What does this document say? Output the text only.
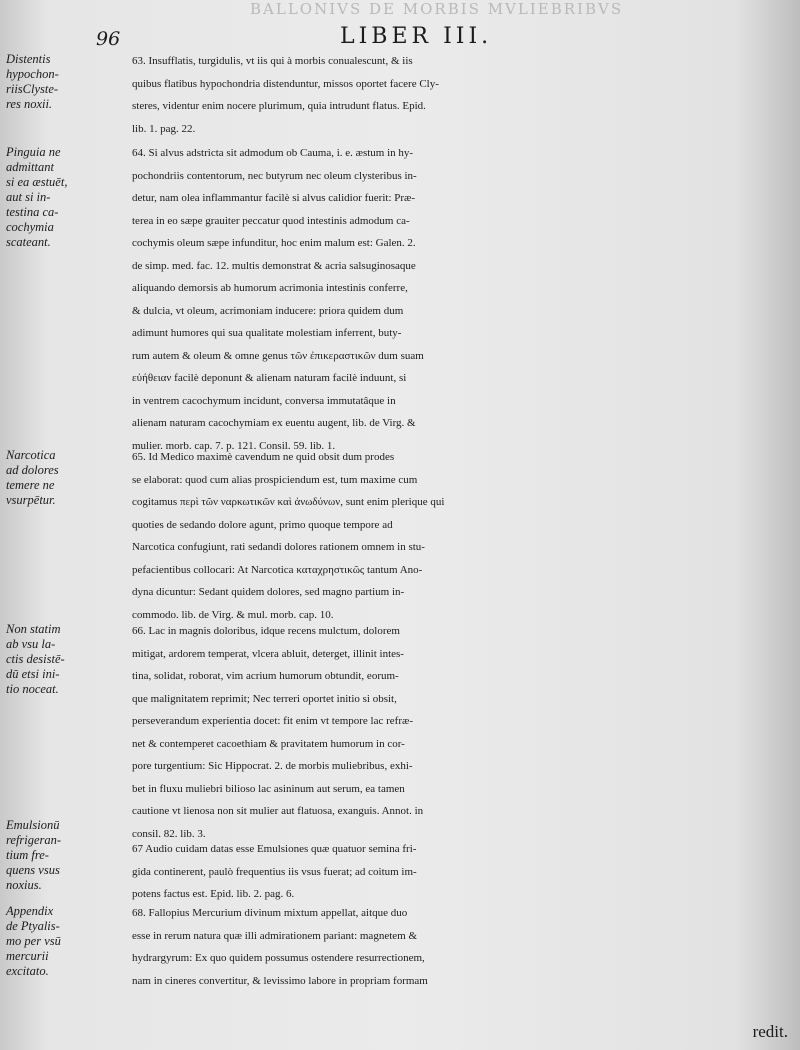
BALLONIVS DE MORBIS MVLIEBRIBVS
96	LIBER III.
Distentis
hypochon-
riisClyste-
res noxii.
Pinguia ne
admittant
si ea æstuēt,
aut si in-
testina ca-
cochymia
scateant.
Narcotica
ad dolores
temere ne
vsurpētur.
Non statim
ab vsu la-
ctis desistē-
dū etsi ini-
tio noceat.
Emulsionū
refrigeran-
tium fre-
quens vsus
noxius.
Appendix
de Ptyalis-
mo per vsū
mercurii
excitato.
63. Insufflatis, turgidulis, vt iis qui à morbis conualescunt, & iis
quibus flatibus hypochondria distenduntur, missos oportet facere Cly-
steres, videntur enim nocere plurimum, quia intrudunt flatus. Epid.
lib. 1. pag. 22.
64. Si alvus adstricta sit admodum ob Cauma, i. e. æstum in hy-
pochondriis contentorum, nec butyrum nec oleum clysteribus in-
detur, nam olea inflammantur facilè si alvus calidior fuerit: Præ-
terea in eo sæpe grauiter peccatur quod intestinis admodum ca-
cochymis oleum sæpe infunditur, hoc enim malum est: Galen. 2.
de simp. med. fac. 12. multis demonstrat & acria salsuginosaque
aliquando demorsis ab humorum acrimonia intestinis conferre,
& dulcia, vt oleum, acrimoniam inducere: priora quidem dum
adimunt humores qui sua qualitate molestiam inferrent, buty-
rum autem & oleum & omne genus τῶν ἐπικεραστικῶν dum suam
εὐήθειαν facilè deponunt & alienam naturam facilè induunt, si
in ventrem cacochymum incidunt, conversa immutatâque in
alienam naturam cacochymiam ex euentu augent, lib. de Virg. &
mulier. morb. cap. 7. p. 121. Consil. 59. lib. 1.
65. Id Medico maximè cavendum ne quid obsit dum prodes
se elaborat: quod cum alias prospiciendum est, tum maxime cum
cogitamus περὶ τῶν ναρκωτικῶν καὶ ἀνωδύνων, sunt enim plerique qui
quoties de sedando dolore agunt, primo quoque tempore ad
Narcotica confugiunt, rati sedandi dolores rationem omnem in stu-
pefacientibus collocari: At Narcotica καταχρηστικῶς tantum Ano-
dyna dicuntur: Sedant quidem dolores, sed magno partium in-
commodo. lib. de Virg. & mul. morb. cap. 10.
66. Lac in magnis doloribus, idque recens mulctum, dolorem
mitigat, ardorem temperat, vlcera abluit, deterget, illinit intes-
tina, solidat, roborat, vim acrium humorum obtundit, eorum-
que malignitatem reprimit; Nec terreri oportet initio si obsit,
perseverandum experientia docet: fit enim vt tempore lac refræ-
net & contemperet cacoethiam & pravitatem humorum in cor-
pore turgentium: Sic Hippocrat. 2. de morbis muliebribus, exhi-
bet in fluxu muliebri bilioso lac asininum aut serum, ea tamen
cautione vt lienosa non sit mulier aut flatuosa, exanguis. Annot. in
consil. 82. lib. 3.
67 Audio cuidam datas esse Emulsiones quæ quatuor semina fri-
gida continerent, paulò frequentius iis vsus fuerat; ad coitum im-
potens factus est. Epid. lib. 2. pag. 6.
68. Fallopius Mercurium divinum mixtum appellat, aitque duo
esse in rerum natura quæ illi admirationem pariant: magnetem &
hydrargyrum: Ex quo quidem possumus ostendere resurrectionem,
nam in cineres convertitur, & levissimo labore in propriam formam
redit.
